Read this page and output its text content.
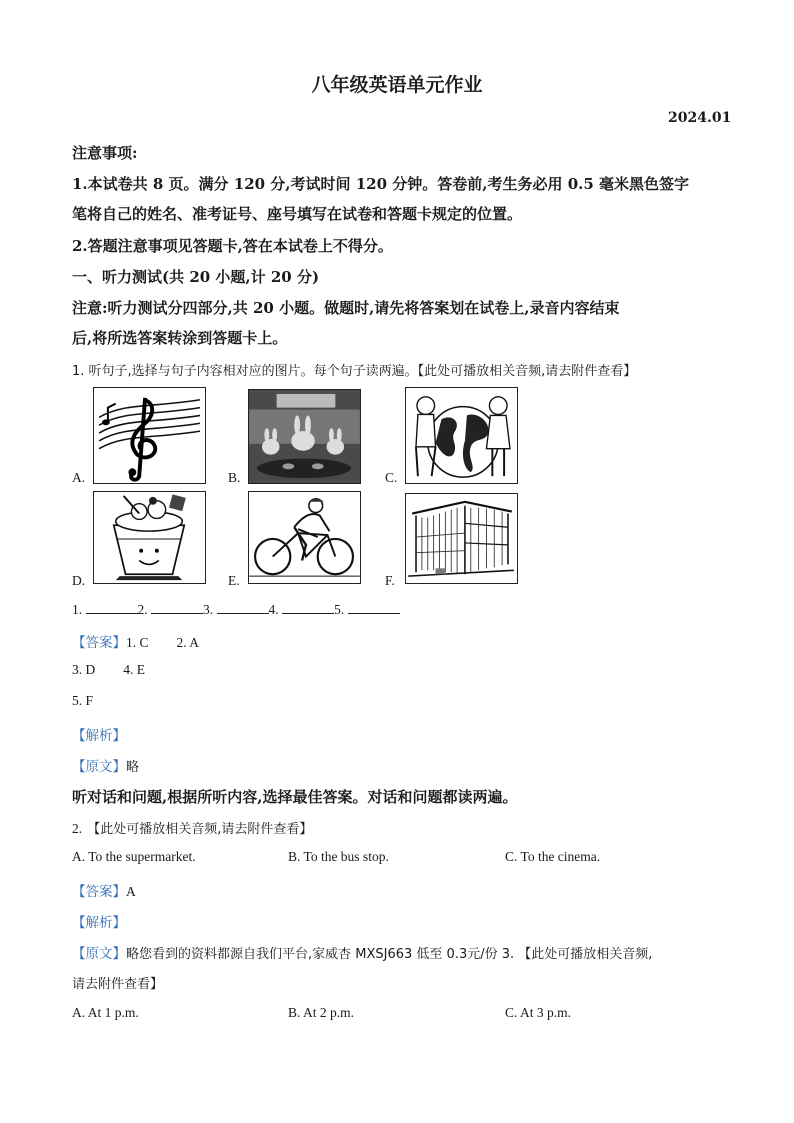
八年级英语单元作业
2024.01
注意事项:
1.本试卷共 8 页。满分 120 分,考试时间 120 分钟。答卷前,考生务必用 0.5 毫米黑色签字
笔将自己的姓名、准考证号、座号填写在试卷和答题卡规定的位置。
2.答题注意事项见答题卡,答在本试卷上不得分。
一、听力测试(共 20 小题,计 20 分)
注意:听力测试分四部分,共 20 小题。做题时,请先将答案划在试卷上,录音内容结束
后,将所选答案转涂到答题卡上。
1. 听句子,选择与句子内容相对应的图片。每个句子读两遍。【此处可播放相关音频,请去附件查看】
A.	B.	C.
D.	E.	F.
1.	2.	3.	4.	5.
【答案】1. C 2. A
3. D 4. E
5. F
【解析】
【原文】略
听对话和问题,根据所听内容,选择最佳答案。对话和问题都读两遍。
2. 【此处可播放相关音频,请去附件查看】
A. To the supermarket.	B. To the bus stop.	C. To the cinema.
【答案】A
【解析】
【原文】略您看到的资料都源自我们平台,家威杏 MXSJ663 低至 0.3元/份 3. 【此处可播放相关音频,
请去附件查看】
A. At 1 p.m.	B. At 2 p.m.	C. At 3 p.m.
